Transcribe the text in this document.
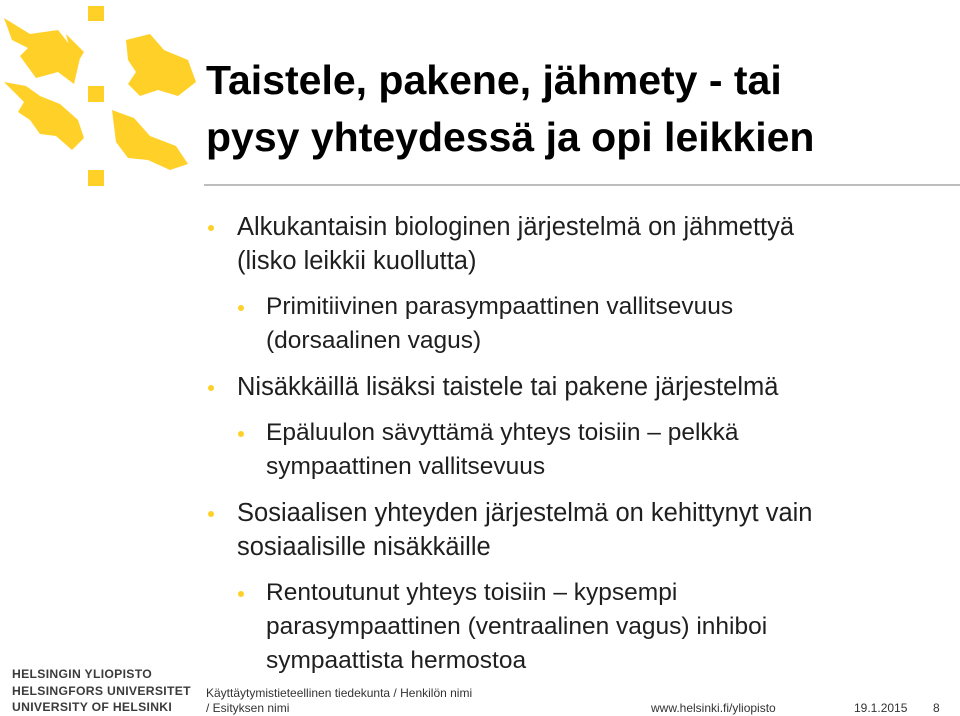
Taistele, pakene, jähmety - tai
pysy yhteydessä ja opi leikkien
Alkukantaisin biologinen järjestelmä on jähmettyä
(lisko leikkii kuollutta)
Primitiivinen parasympaattinen vallitsevuus
(dorsaalinen vagus)
Nisäkkäillä lisäksi taistele tai pakene järjestelmä
Epäluulon sävyttämä yhteys toisiin – pelkkä
sympaattinen vallitsevuus
Sosiaalisen yhteyden järjestelmä on kehittynyt vain
sosiaalisille nisäkkäille
Rentoutunut yhteys toisiin – kypsempi
parasympaattinen (ventraalinen vagus) inhiboi
sympaattista hermostoa
HELSINGIN YLIOPISTO
HELSINGFORS UNIVERSITET
UNIVERSITY OF HELSINKI
Käyttäytymistieteellinen tiedekunta / Henkilön nimi
/ Esityksen nimi	www.helsinki.fi/yliopisto	19.1.2015 8
